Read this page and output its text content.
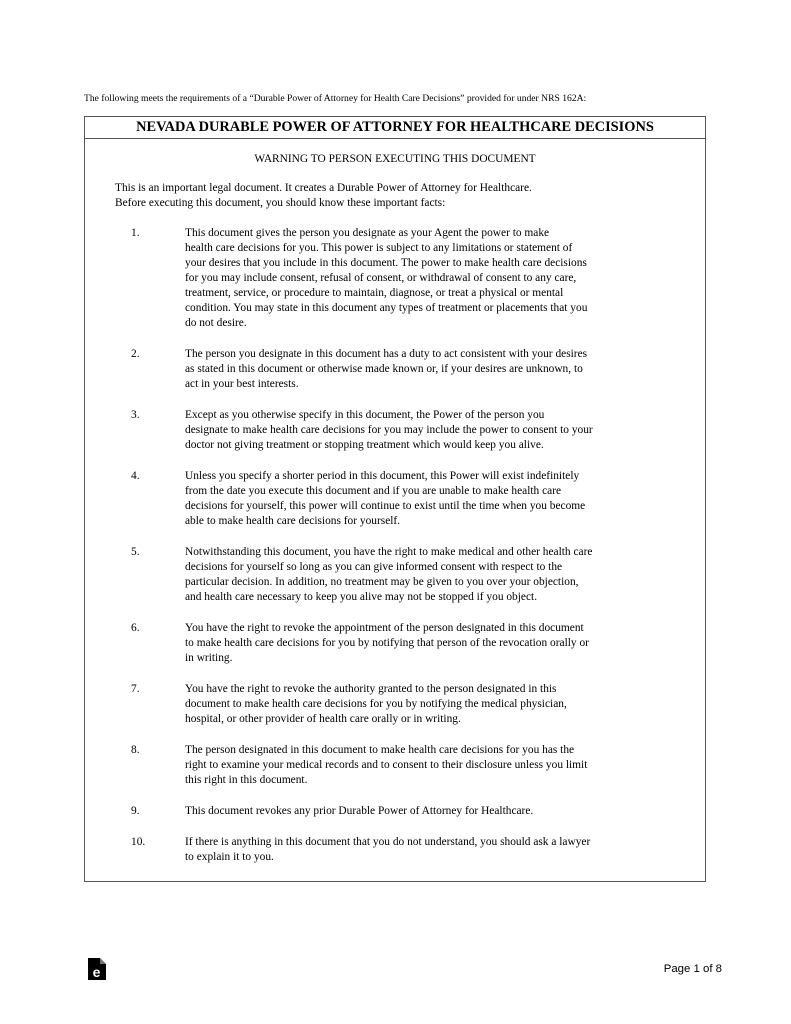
The following meets the requirements of a “Durable Power of Attorney for Health Care Decisions” provided for under NRS 162A:
NEVADA DURABLE POWER OF ATTORNEY FOR HEALTHCARE DECISIONS
WARNING TO PERSON EXECUTING THIS DOCUMENT
This is an important legal document. It creates a Durable Power of Attorney for Healthcare.
Before executing this document, you should know these important facts:
1.	This document gives the person you designate as your Agent the power to make
health care decisions for you. This power is subject to any limitations or statement of
your desires that you include in this document. The power to make health care decisions
for you may include consent, refusal of consent, or withdrawal of consent to any care,
treatment, service, or procedure to maintain, diagnose, or treat a physical or mental
condition. You may state in this document any types of treatment or placements that you
do not desire.
2.	The person you designate in this document has a duty to act consistent with your desires
as stated in this document or otherwise made known or, if your desires are unknown, to
act in your best interests.
3.	Except as you otherwise specify in this document, the Power of the person you
designate to make health care decisions for you may include the power to consent to your
doctor not giving treatment or stopping treatment which would keep you alive.
4.	Unless you specify a shorter period in this document, this Power will exist indefinitely
from the date you execute this document and if you are unable to make health care
decisions for yourself, this power will continue to exist until the time when you become
able to make health care decisions for yourself.
5.	Notwithstanding this document, you have the right to make medical and other health care
decisions for yourself so long as you can give informed consent with respect to the
particular decision. In addition, no treatment may be given to you over your objection,
and health care necessary to keep you alive may not be stopped if you object.
6.	You have the right to revoke the appointment of the person designated in this document
to make health care decisions for you by notifying that person of the revocation orally or
in writing.
7.	You have the right to revoke the authority granted to the person designated in this
document to make health care decisions for you by notifying the medical physician,
hospital, or other provider of health care orally or in writing.
8.	The person designated in this document to make health care decisions for you has the
right to examine your medical records and to consent to their disclosure unless you limit
this right in this document.
9.	This document revokes any prior Durable Power of Attorney for Healthcare.
10.	If there is anything in this document that you do not understand, you should ask a lawyer
to explain it to you.
e	Page 1 of 8
